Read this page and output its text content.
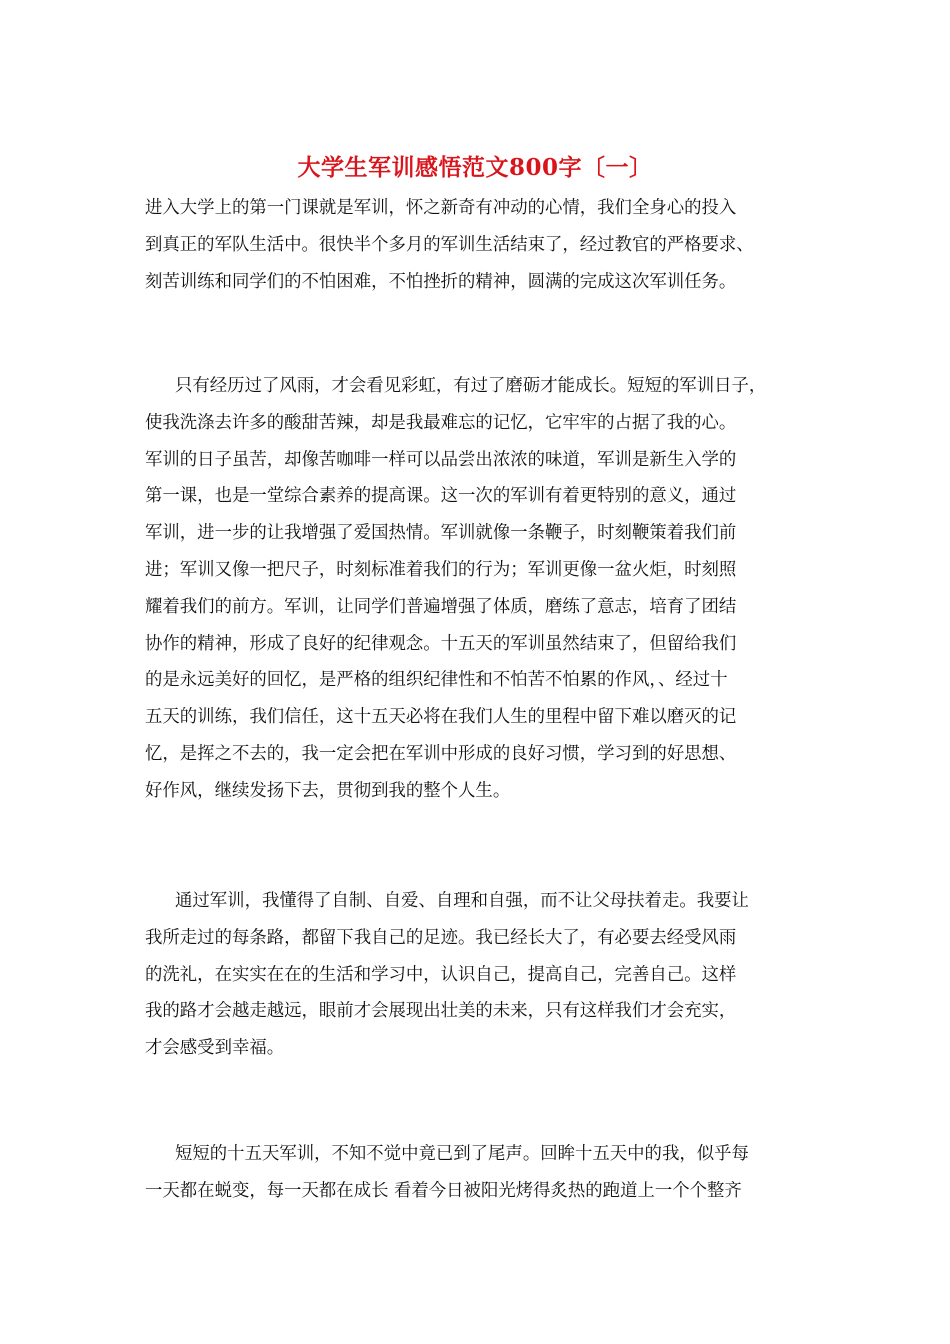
大学生军训感悟范文800字〔一〕
进入大学上的第一门课就是军训，怀之新奇有冲动的心情，我们全身心的投入
到真正的军队生活中。很快半个多月的军训生活结束了，经过教官的严格要求、
刻苦训练和同学们的不怕困难，不怕挫折的精神，圆满的完成这次军训任务。
只有经历过了风雨，才会看见彩虹，有过了磨砺才能成长。短短的军训日子，
使我洗涤去许多的酸甜苦辣，却是我最难忘的记忆，它牢牢的占据了我的心。
军训的日子虽苦，却像苦咖啡一样可以品尝出浓浓的味道，军训是新生入学的
第一课，也是一堂综合素养的提高课。这一次的军训有着更特别的意义，通过
军训，进一步的让我增强了爱国热情。军训就像一条鞭子，时刻鞭策着我们前
进；军训又像一把尺子，时刻标准着我们的行为；军训更像一盆火炬，时刻照
耀着我们的前方。军训，让同学们普遍增强了体质，磨练了意志，培育了团结
协作的精神，形成了良好的纪律观念。十五天的军训虽然结束了，但留给我们
的是永远美好的回忆，是严格的组织纪律性和不怕苦不怕累的作风，、经过十
五天的训练，我们信任，这十五天必将在我们人生的里程中留下难以磨灭的记
忆，是挥之不去的，我一定会把在军训中形成的良好习惯，学习到的好思想、
好作风，继续发扬下去，贯彻到我的整个人生。
通过军训，我懂得了自制、自爱、自理和自强，而不让父母扶着走。我要让
我所走过的每条路，都留下我自己的足迹。我已经长大了，有必要去经受风雨
的洗礼，在实实在在的生活和学习中，认识自己，提高自己，完善自己。这样
我的路才会越走越远，眼前才会展现出壮美的未来，只有这样我们才会充实，
才会感受到幸福。
短短的十五天军训，不知不觉中竟已到了尾声。回眸十五天中的我，似乎每
一天都在蜕变，每一天都在成长 看着今日被阳光烤得炙热的跑道上一个个整齐
